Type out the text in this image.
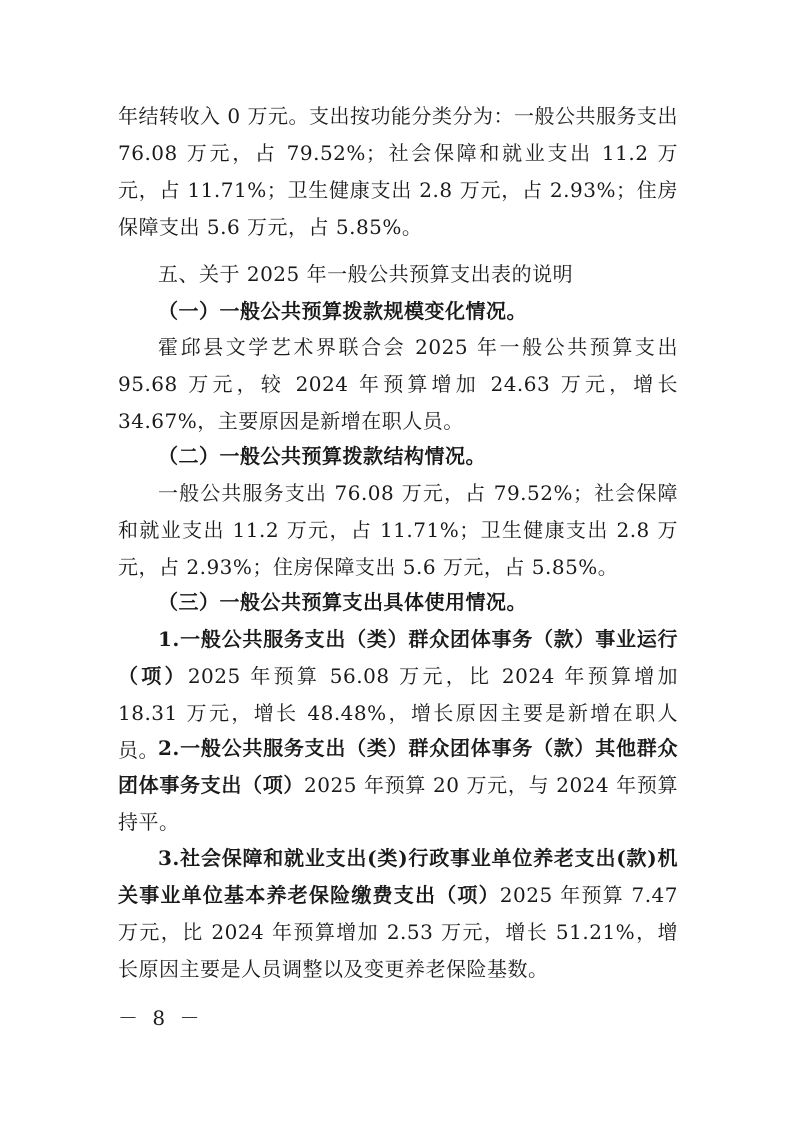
年结转收入 0 万元。支出按功能分类分为：一般公共服务支出 76.08 万元，占 79.52%；社会保障和就业支出 11.2 万元，占 11.71%；卫生健康支出 2.8 万元，占 2.93%；住房保障支出 5.6 万元，占 5.85%。

五、关于 2025 年一般公共预算支出表的说明

（一）一般公共预算拨款规模变化情况。

霍邱县文学艺术界联合会 2025 年一般公共预算支出 95.68 万元，较 2024 年预算增加 24.63 万元，增长 34.67%，主要原因是新增在职人员。

（二）一般公共预算拨款结构情况。

一般公共服务支出 76.08 万元，占 79.52%；社会保障和就业支出 11.2 万元，占 11.71%；卫生健康支出 2.8 万元，占 2.93%；住房保障支出 5.6 万元，占 5.85%。

（三）一般公共预算支出具体使用情况。

1.一般公共服务支出（类）群众团体事务（款）事业运行（项）2025 年预算 56.08 万元，比 2024 年预算增加 18.31 万元，增长 48.48%，增长原因主要是新增在职人员。 2.一般公共服务支出（类）群众团体事务（款）其他群众团体事务支出（项）2025 年预算 20 万元，与 2024 年预算持平。

3.社会保障和就业支出(类)行政事业单位养老支出(款)机关事业单位基本养老保险缴费支出（项）2025 年预算 7.47 万元，比 2024 年预算增加 2.53 万元，增长 51.21%，增长原因主要是人员调整以及变更养老保险基数。

－ 8 －
